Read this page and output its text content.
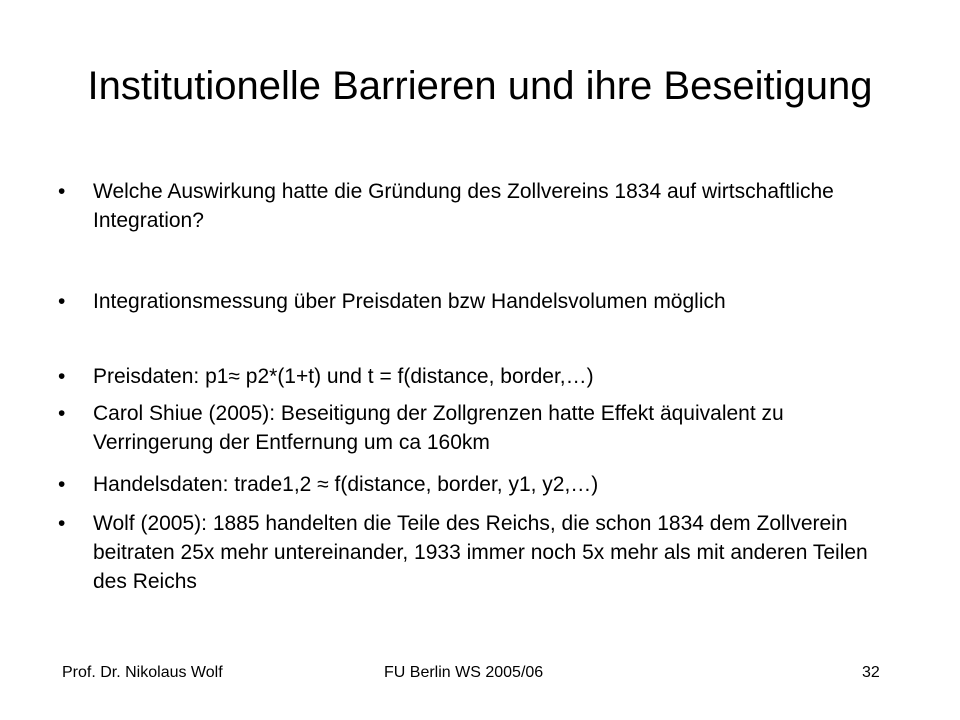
Institutionelle Barrieren und ihre Beseitigung
•	Welche Auswirkung hatte die Gründung des Zollvereins 1834 auf wirtschaftliche Integration?
•	Integrationsmessung über Preisdaten bzw Handelsvolumen möglich
•	Preisdaten: p1≈ p2*(1+t) und t = f(distance, border,…)
•	Carol Shiue (2005): Beseitigung der Zollgrenzen hatte Effekt äquivalent zu Verringerung der Entfernung um ca 160km
•	Handelsdaten: trade1,2 ≈ f(distance, border, y1, y2,…)
•	Wolf (2005): 1885 handelten die Teile des Reichs, die schon 1834 dem Zollverein beitraten 25x mehr untereinander, 1933 immer noch 5x mehr als mit anderen Teilen des Reichs
Prof. Dr. Nikolaus Wolf	FU Berlin WS 2005/06	32
